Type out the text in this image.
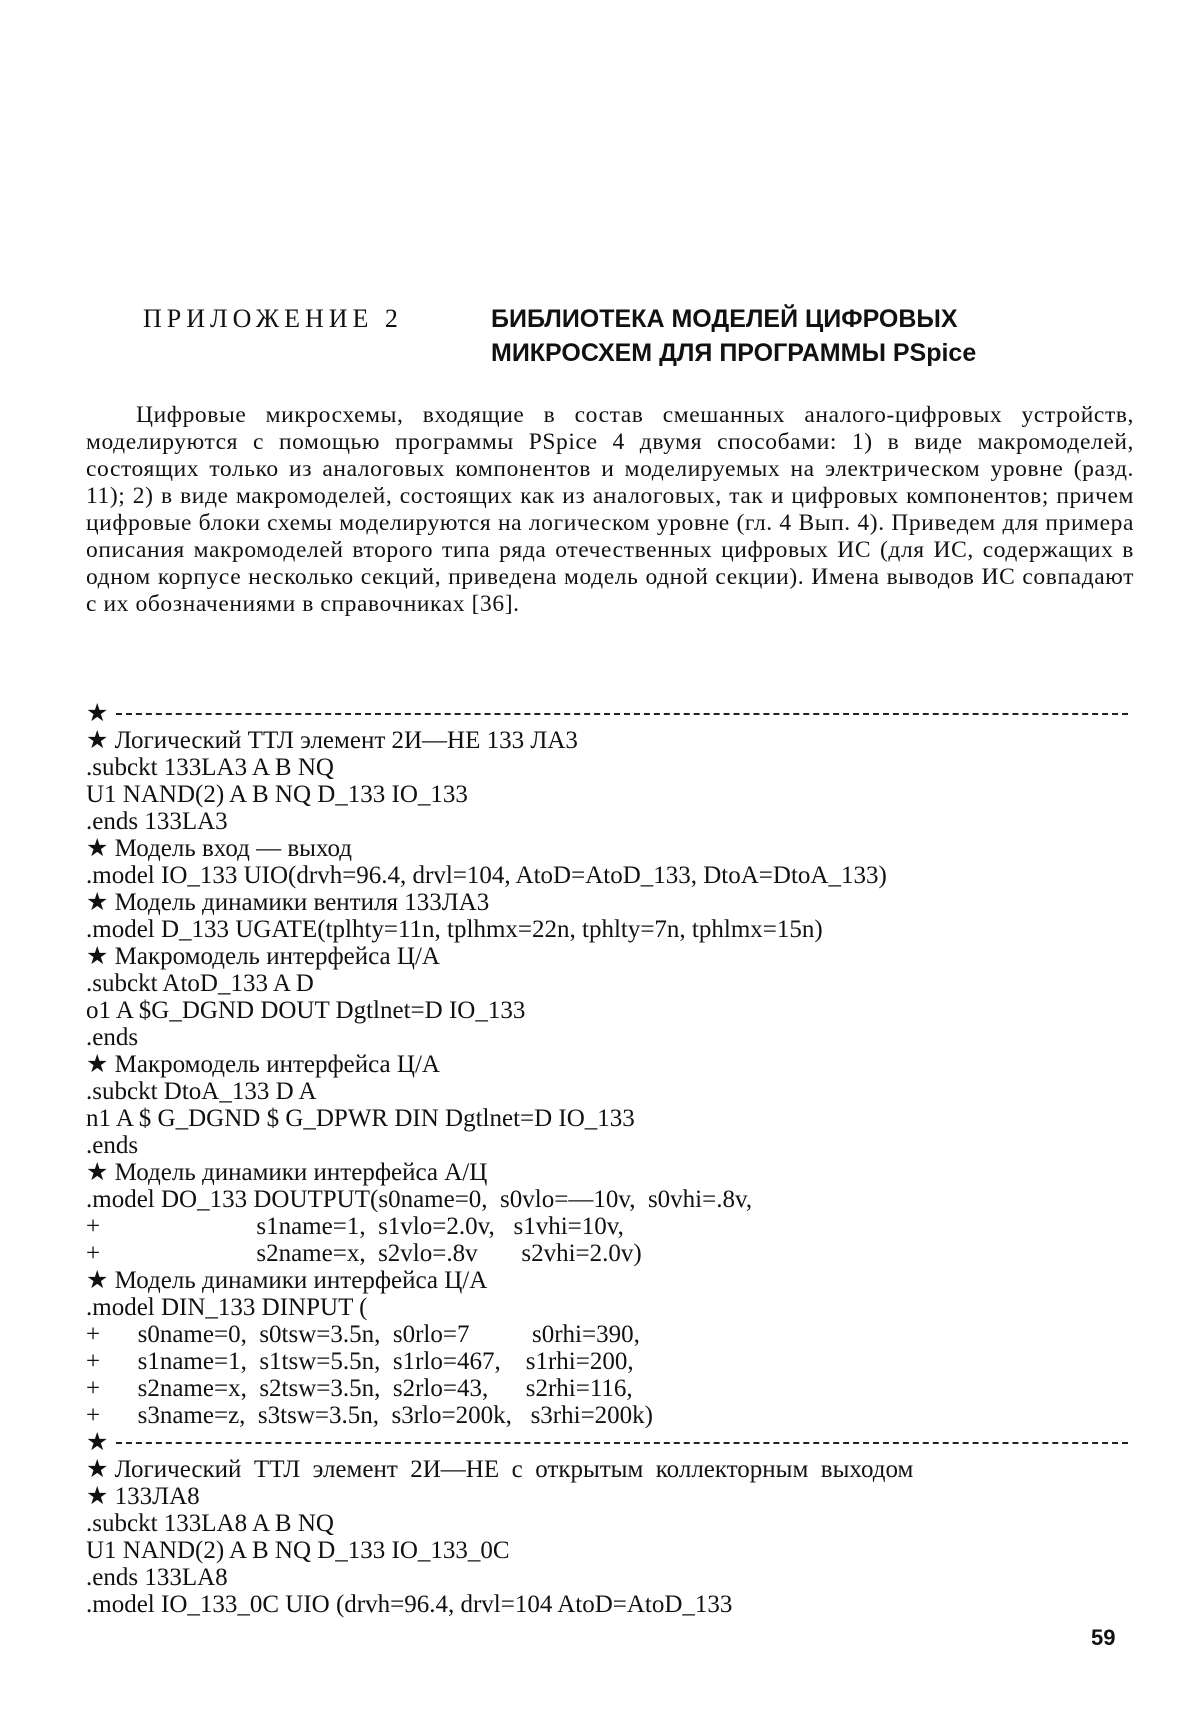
ПРИЛОЖЕНИЕ 2	БИБЛИОТЕКА МОДЕЛЕЙ ЦИФРОВЫХ
МИКРОСХЕМ ДЛЯ ПРОГРАММЫ PSpice
Цифровые микросхемы, входящие в состав смешанных аналого-цифровых устройств, моделируются с помощью программы PSpice 4 двумя способами: 1) в виде макромоделей, состоящих только из аналоговых компонентов и моделируемых на электрическом уровне (разд. 11); 2) в виде макромоделей, состоящих как из аналоговых, так и цифровых компонентов; причем цифровые блоки схемы моделируются на логическом уровне (гл. 4 Вып. 4). Приведем для примера описания макромоделей второго типа ряда отечественных цифровых ИС (для ИС, содержащих в одном корпусе несколько секций, приведена модель одной секции). Имена выводов ИС совпадают с их обозначениями в справочниках [36].
★
★ Логический ТТЛ элемент 2И—НЕ 133 ЛА3
.subckt 133LA3 A B NQ
U1 NAND(2) A B NQ D_133 IO_133
.ends 133LA3
★ Модель вход — выход
.model IO_133 UIO(drvh=96.4, drvl=104, AtoD=AtoD_133, DtoA=DtoA_133)
★ Модель динамики вентиля 133ЛА3
.model D_133 UGATE(tplhty=11n, tplhmx=22n, tphlty=7n, tphlmx=15n)
★ Макромодель интерфейса Ц/А
.subckt AtoD_133 A D
o1 A $G_DGND DOUT Dgtlnet=D IO_133
.ends
★ Макромодель интерфейса Ц/А
.subckt DtoA_133 D A
n1 A $ G_DGND $ G_DPWR DIN Dgtlnet=D IO_133
.ends
★ Модель динамики интерфейса А/Ц
.model DO_133 DOUTPUT(s0name=0,  s0vlo=—10v,  s0vhi=.8v,
+                         s1name=1,  s1vlo=2.0v,   s1vhi=10v,
+                         s2name=x,  s2vlo=.8v       s2vhi=2.0v)
★ Модель динамики интерфейса Ц/А
.model DIN_133 DINPUT (
+      s0name=0,  s0tsw=3.5n,  s0rlo=7          s0rhi=390,
+      s1name=1,  s1tsw=5.5n,  s1rlo=467,    s1rhi=200,
+      s2name=x,  s2tsw=3.5n,  s2rlo=43,      s2rhi=116,
+      s3name=z,  s3tsw=3.5n,  s3rlo=200k,   s3rhi=200k)
★
★ Логический  ТТЛ  элемент  2И—НЕ  с  открытым  коллекторным  выходом
★ 133ЛА8
.subckt 133LA8 A B NQ
U1 NAND(2) A B NQ D_133 IO_133_0C
.ends 133LA8
.model IO_133_0C UIO (drvh=96.4, drvl=104 AtoD=AtoD_133
59
